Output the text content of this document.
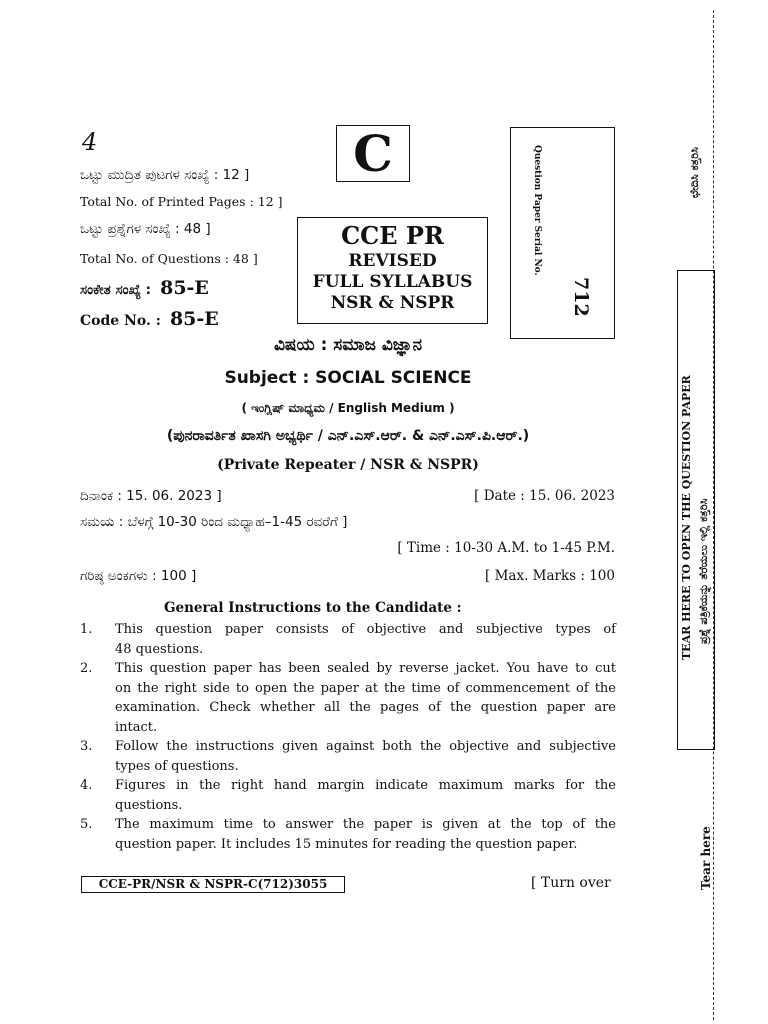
4
ಒಟ್ಟು ಮುದ್ರಿತ ಪುಟಗಳ ಸಂಖ್ಯೆ : 12 ]
Total No. of Printed Pages : 12 ]
ಒಟ್ಟು ಪ್ರಶ್ನೆಗಳ ಸಂಖ್ಯೆ : 48 ]
Total No. of Questions : 48 ]
ಸಂಕೇತ ಸಂಖ್ಯೆ : 85-E
Code No. : 85-E
C
CCE PR
REVISED
FULL SYLLABUS
NSR & NSPR
Question Paper Serial No.
712
ವಿಷಯ : ಸಮಾಜ ವಿಜ್ಞಾನ
Subject : SOCIAL SCIENCE
( ಇಂಗ್ಲಿಷ್ ಮಾಧ್ಯಮ / English Medium )
(ಪುನರಾವರ್ತಿತ ಖಾಸಗಿ ಅಭ್ಯರ್ಥಿ / ಎನ್.ಎಸ್.ಆರ್. & ಎನ್.ಎಸ್.ಪಿ.ಆರ್.)
(Private Repeater / NSR & NSPR)
ದಿನಾಂಕ : 15. 06. 2023 ]	[ Date : 15. 06. 2023
ಸಮಯ : ಬೆಳಗ್ಗೆ 10-30 ರಿಂದ ಮಧ್ಯಾಹ–1-45 ರವರೆಗೆ ]
[ Time : 10-30 A.M. to 1-45 P.M.
ಗರಿಷ್ಠ ಅಂಕಗಳು : 100 ]	[ Max. Marks : 100
General Instructions to the Candidate :
1.	This question paper consists of objective and subjective types of
48 questions.
2.	This question paper has been sealed by reverse jacket. You have to cut
on the right side to open the paper at the time of commencement of the
examination. Check whether all the pages of the question paper are
intact.
3.	Follow the instructions given against both the objective and subjective
types of questions.
4.	Figures in the right hand margin indicate maximum marks for the
questions.
5.	The maximum time to answer the paper is given at the top of the
question paper. It includes 15 minutes for reading the question paper.
CCE-PR/NSR & NSPR-C(712)3055	[ Turn over
ಛೇದಿಸಿ ಕತ್ತರಿಸಿ
TEAR HERE TO OPEN THE QUESTION PAPER ಪ್ರಶ್ನೆ ಪತ್ರಿಕೆಯನ್ನು ತೆರೆಯಲು ಇಲ್ಲಿ ಕತ್ತರಿಸಿ
Tear here
